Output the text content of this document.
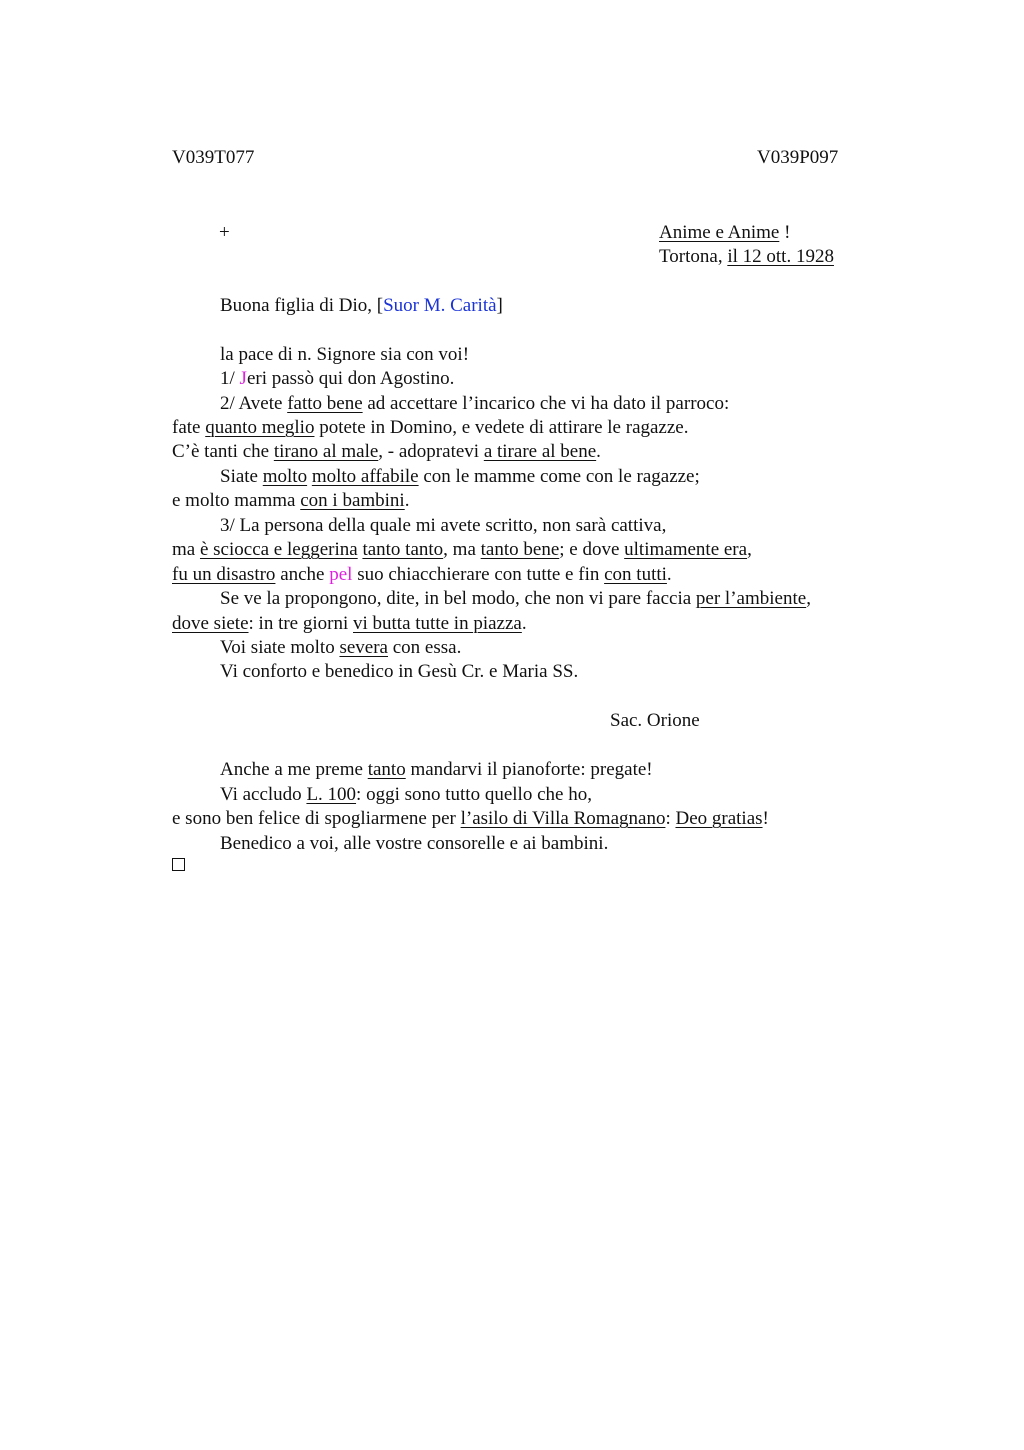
V039T077	V039P097
+	Anime e Anime !
Tortona, il 12 ott. 1928
Buona figlia di Dio, [Suor M. Carità]
la pace di n. Signore sia con voi!
1/ Jeri passò qui don Agostino.
2/ Avete fatto bene ad accettare l’incarico che vi ha dato il parroco:
fate quanto meglio potete in Domino, e vedete di attirare le ragazze.
C’è tanti che tirano al male, - adopratevi a tirare al bene.
Siate molto molto affabile con le mamme come con le ragazze;
e molto mamma con i bambini.
3/ La persona della quale mi avete scritto, non sarà cattiva,
ma è sciocca e leggerina tanto tanto, ma tanto bene; e dove ultimamente era,
fu un disastro anche pel suo chiacchierare con tutte e fin con tutti.
Se ve la propongono, dite, in bel modo, che non vi pare faccia per l’ambiente,
dove siete: in tre giorni vi butta tutte in piazza.
Voi siate molto severa con essa.
Vi conforto e benedico in Gesù Cr. e Maria SS.
Sac. Orione
Anche a me preme tanto mandarvi il pianoforte: pregate!
Vi accludo L. 100: oggi sono tutto quello che ho,
e sono ben felice di spogliarmene per l’asilo di Villa Romagnano: Deo gratias!
Benedico a voi, alle vostre consorelle e ai bambini.
